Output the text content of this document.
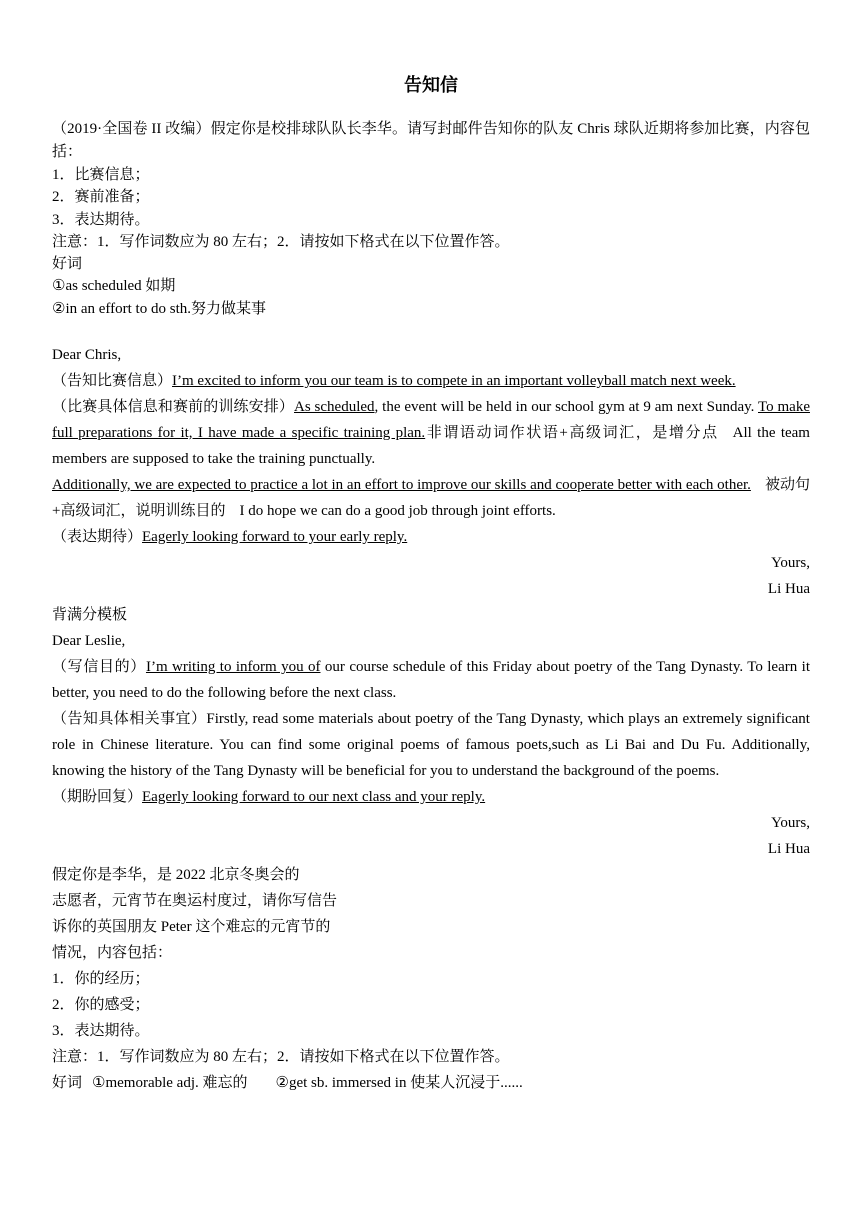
告知信
（2019·全国卷 II 改编）假定你是校排球队队长李华。请写封邮件告知你的队友 Chris 球队近期将参加比赛，内容包括：
1．比赛信息；
2．赛前准备；
3．表达期待。
注意：1．写作词数应为 80 左右；2．请按如下格式在以下位置作答。
好词
①as scheduled 如期
②in an effort to do sth.努力做某事
Dear Chris,
（告知比赛信息）I’m excited to inform you our team is to compete in an important volleyball match next week.
（比赛具体信息和赛前的训练安排）As scheduled, the event will be held in our school gym at 9 am next Sunday. To make full preparations for it, I have made a specific training plan.非谓语动词作状语+高级词汇，是增分点 All the team members are supposed to take the training punctually.
Additionally, we are expected to practice a lot in an effort to improve our skills and cooperate better with each other. 被动句+高级词汇，说明训练目的 I do hope we can do a good job through joint efforts.
（表达期待）Eagerly looking forward to your early reply.
Yours,
Li Hua
背满分模板
Dear Leslie,
（写信目的）I’m writing to inform you of our course schedule of this Friday about poetry of the Tang Dynasty. To learn it better, you need to do the following before the next class.
（告知具体相关事宜）Firstly, read some materials about poetry of the Tang Dynasty, which plays an extremely significant role in Chinese literature. You can find some original poems of famous poets,such as Li Bai and Du Fu. Additionally, knowing the history of the Tang Dynasty will be beneficial for you to understand the background of the poems.
（期盼回复）Eagerly looking forward to our next class and your reply.
Yours,
Li Hua
假定你是李华，是 2022 北京冬奥会的
志愿者，元宵节在奥运村度过，请你写信告
诉你的英国朋友 Peter 这个难忘的元宵节的
情况，内容包括：
1．你的经历；
2．你的感受；
3．表达期待。
注意：1．写作词数应为 80 左右；2．请按如下格式在以下位置作答。
好词 ①memorable adj. 难忘的 ②get sb. immersed in 使某人沉浸于......
